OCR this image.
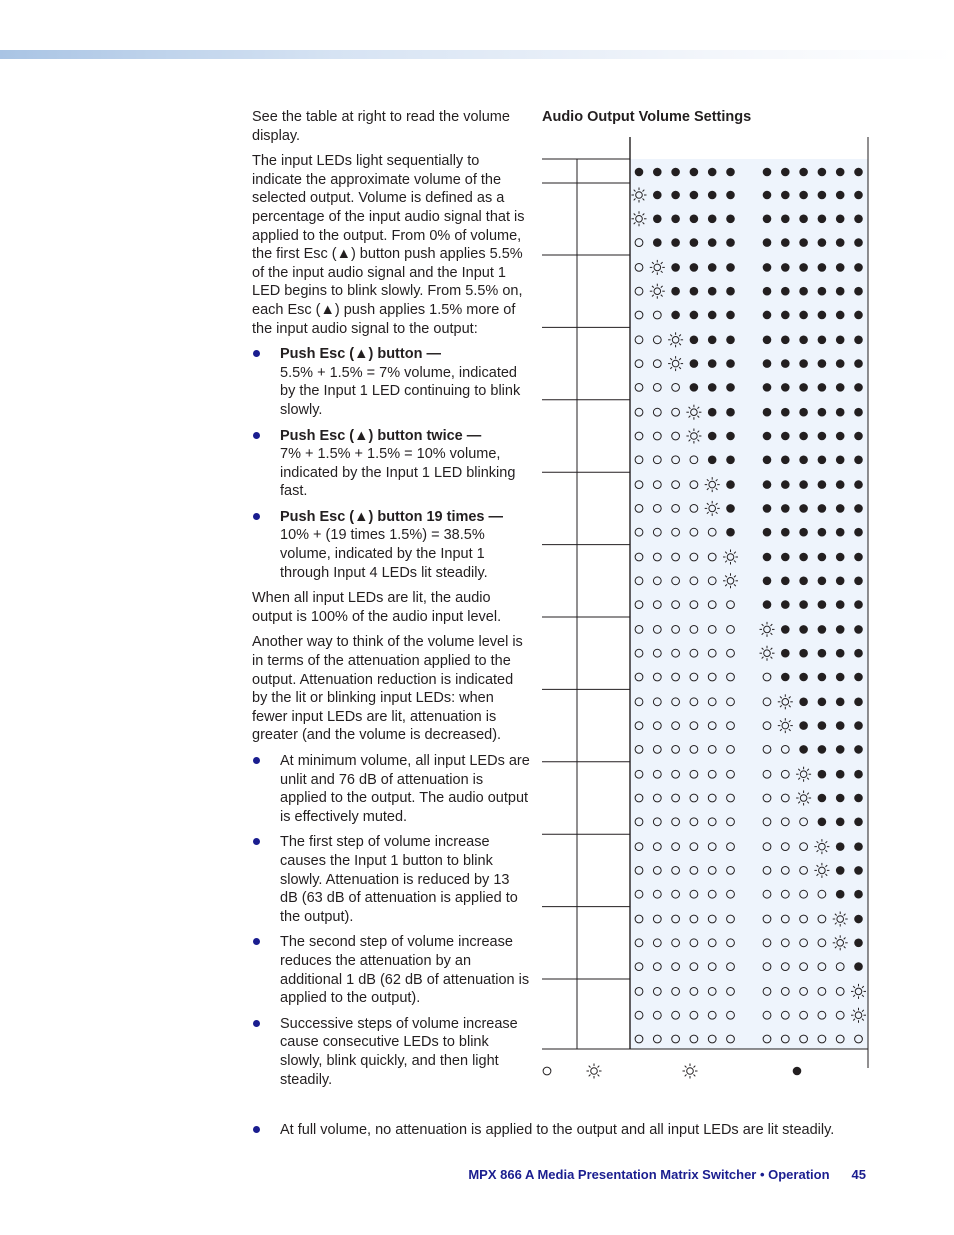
See the table at right to read the volume display.

The input LEDs light sequentially to indicate the approximate volume of the selected output. Volume is defined as a percentage of the input audio signal that is applied to the output. From 0% of volume, the first Esc (▲) button push applies 5.5% of the input audio signal and the Input 1 LED begins to blink slowly. From 5.5% on, each Esc (▲) push applies 1.5% more of the input audio signal to the output:

Push Esc (▲) button —
5.5% + 1.5% = 7% volume, indicated by the Input 1 LED continuing to blink slowly.
Push Esc (▲) button twice —
7% + 1.5% + 1.5% = 10% volume, indicated by the Input 1 LED blinking fast.
Push Esc (▲) button 19 times —
10% + (19 times 1.5%) = 38.5% volume, indicated by the Input 1 through Input 4 LEDs lit steadily.

When all input LEDs are lit, the audio output is 100% of the audio input level.

Another way to think of the volume level is in terms of the attenuation applied to the output. Attenuation reduction is indicated by the lit or blinking input LEDs: when fewer input LEDs are lit, attenuation is greater (and the volume is decreased).

At minimum volume, all input LEDs are unlit and 76 dB of attenuation is applied to the output. The audio output is effectively muted.
The first step of volume increase causes the Input 1 button to blink slowly. Attenuation is reduced by 13 dB (63 dB of attenuation is applied to the output).
The second step of volume increase reduces the attenuation by an additional 1 dB (62 dB of attenuation is applied to the output).
Successive steps of volume increase cause consecutive LEDs to blink slowly, blink quickly, and then light steadily.
At full volume, no attenuation is applied to the output and all input LEDs are lit steadily.
Audio Output Volume Settings
MPX 866 A Media Presentation Matrix Switcher • Operation 45
